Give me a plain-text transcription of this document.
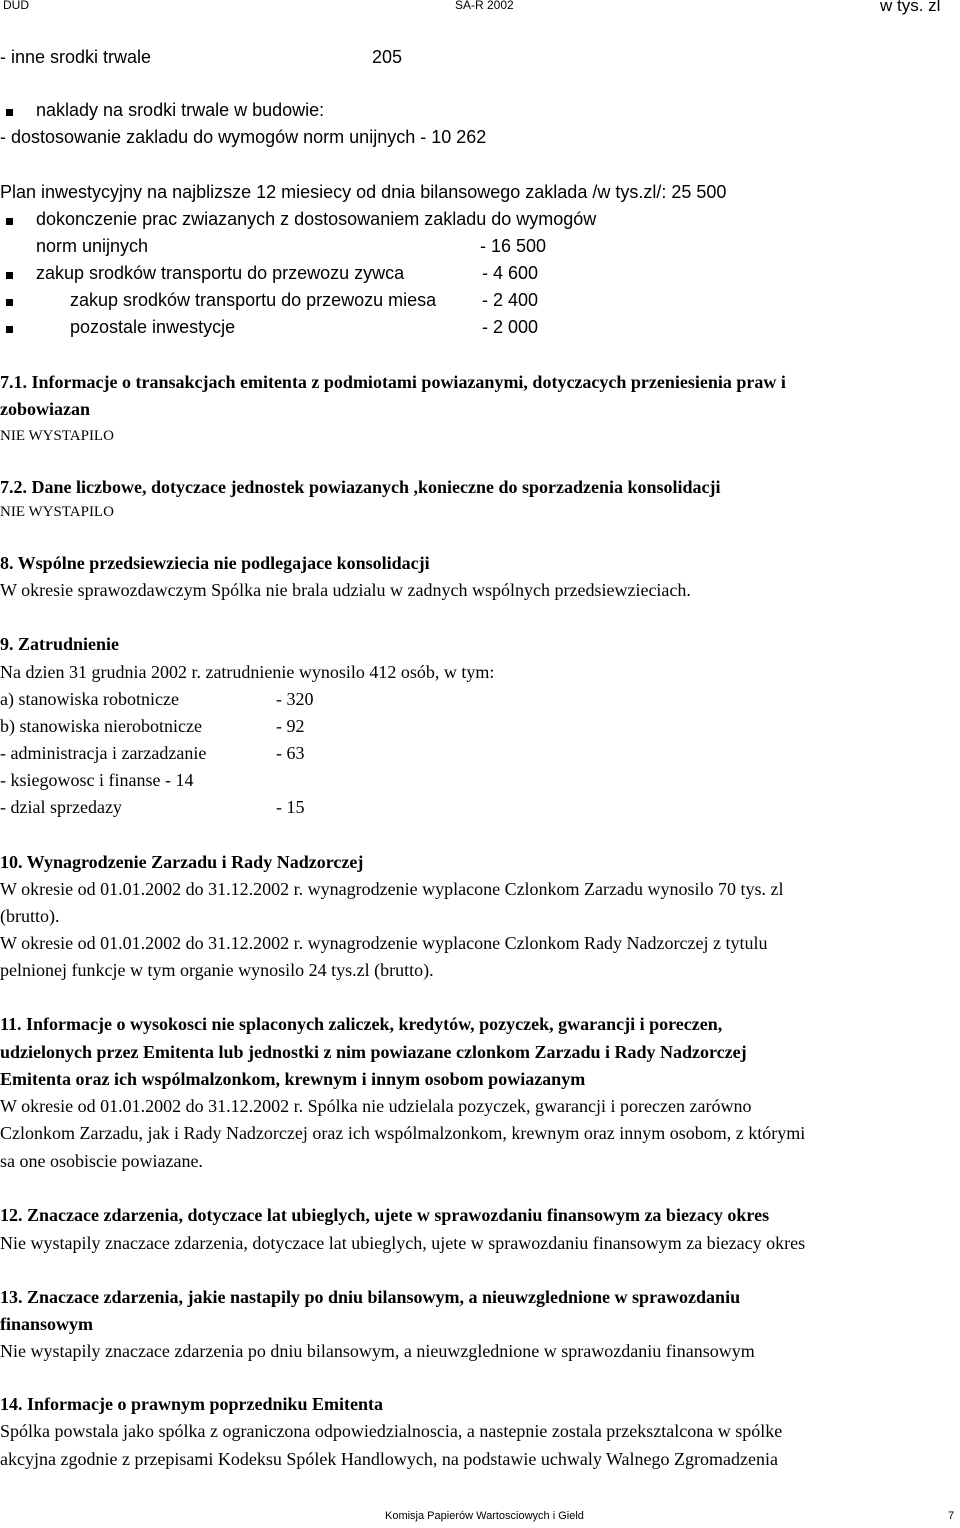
DUD	SA-R 2002	w tys. zl
- inne srodki trwale	205
naklady na srodki trwale w budowie:
- dostosowanie zakladu do wymogów norm unijnych - 10 262
Plan inwestycyjny na najblizsze 12 miesiecy od dnia bilansowego zaklada /w tys.zl/: 25 500
dokonczenie prac zwiazanych z dostosowaniem zakladu do wymogów
norm unijnych	- 16 500
zakup srodków transportu do przewozu zywca	- 4 600
zakup srodków transportu do przewozu miesa	- 2 400
pozostale inwestycje	- 2 000
7.1. Informacje o transakcjach emitenta z podmiotami powiazanymi, dotyczacych przeniesienia praw i
zobowiazan
NIE WYSTAPILO
7.2. Dane liczbowe, dotyczace jednostek powiazanych ,konieczne do sporzadzenia konsolidacji
NIE WYSTAPILO
8. Wspólne przedsiewziecia nie podlegajace konsolidacji
W okresie sprawozdawczym Spólka nie brala udzialu w zadnych wspólnych przedsiewzieciach.
9. Zatrudnienie
Na dzien 31 grudnia 2002 r. zatrudnienie wynosilo 412 osób, w tym:
a) stanowiska robotnicze	- 320
b) stanowiska nierobotnicze	- 92
- administracja i zarzadzanie	- 63
- ksiegowosc i finanse - 14
- dzial sprzedazy	- 15
10. Wynagrodzenie Zarzadu i Rady Nadzorczej
W okresie od 01.01.2002 do 31.12.2002 r. wynagrodzenie wyplacone Czlonkom Zarzadu wynosilo 70 tys. zl
(brutto).
W okresie od 01.01.2002 do 31.12.2002 r. wynagrodzenie wyplacone Czlonkom Rady Nadzorczej z tytulu
pelnionej funkcje w tym organie wynosilo 24 tys.zl (brutto).
11. Informacje o wysokosci nie splaconych zaliczek, kredytów, pozyczek, gwarancji i poreczen,
udzielonych przez Emitenta lub jednostki z nim powiazane czlonkom Zarzadu i Rady Nadzorczej
Emitenta oraz ich wspólmalzonkom, krewnym i innym osobom powiazanym
W okresie od 01.01.2002 do 31.12.2002 r. Spólka nie udzielala pozyczek, gwarancji i poreczen zarówno
Czlonkom Zarzadu, jak i Rady Nadzorczej oraz ich wspólmalzonkom, krewnym oraz innym osobom, z którymi
sa one osobiscie powiazane.
12. Znaczace zdarzenia, dotyczace lat ubieglych, ujete w sprawozdaniu finansowym za biezacy okres
Nie wystapily znaczace zdarzenia, dotyczace lat ubieglych, ujete w sprawozdaniu finansowym za biezacy okres
13. Znaczace zdarzenia, jakie nastapily po dniu bilansowym, a nieuwzglednione w sprawozdaniu
finansowym
Nie wystapily znaczace zdarzenia po dniu bilansowym, a nieuwzglednione w sprawozdaniu finansowym
14. Informacje o prawnym poprzedniku Emitenta
Spólka powstala jako spólka z ograniczona odpowiedzialnoscia, a nastepnie zostala przeksztalcona w spólke
akcyjna zgodnie z przepisami Kodeksu Spólek Handlowych, na podstawie uchwaly Walnego Zgromadzenia
Komisja Papierów Wartosciowych i Gield	7
